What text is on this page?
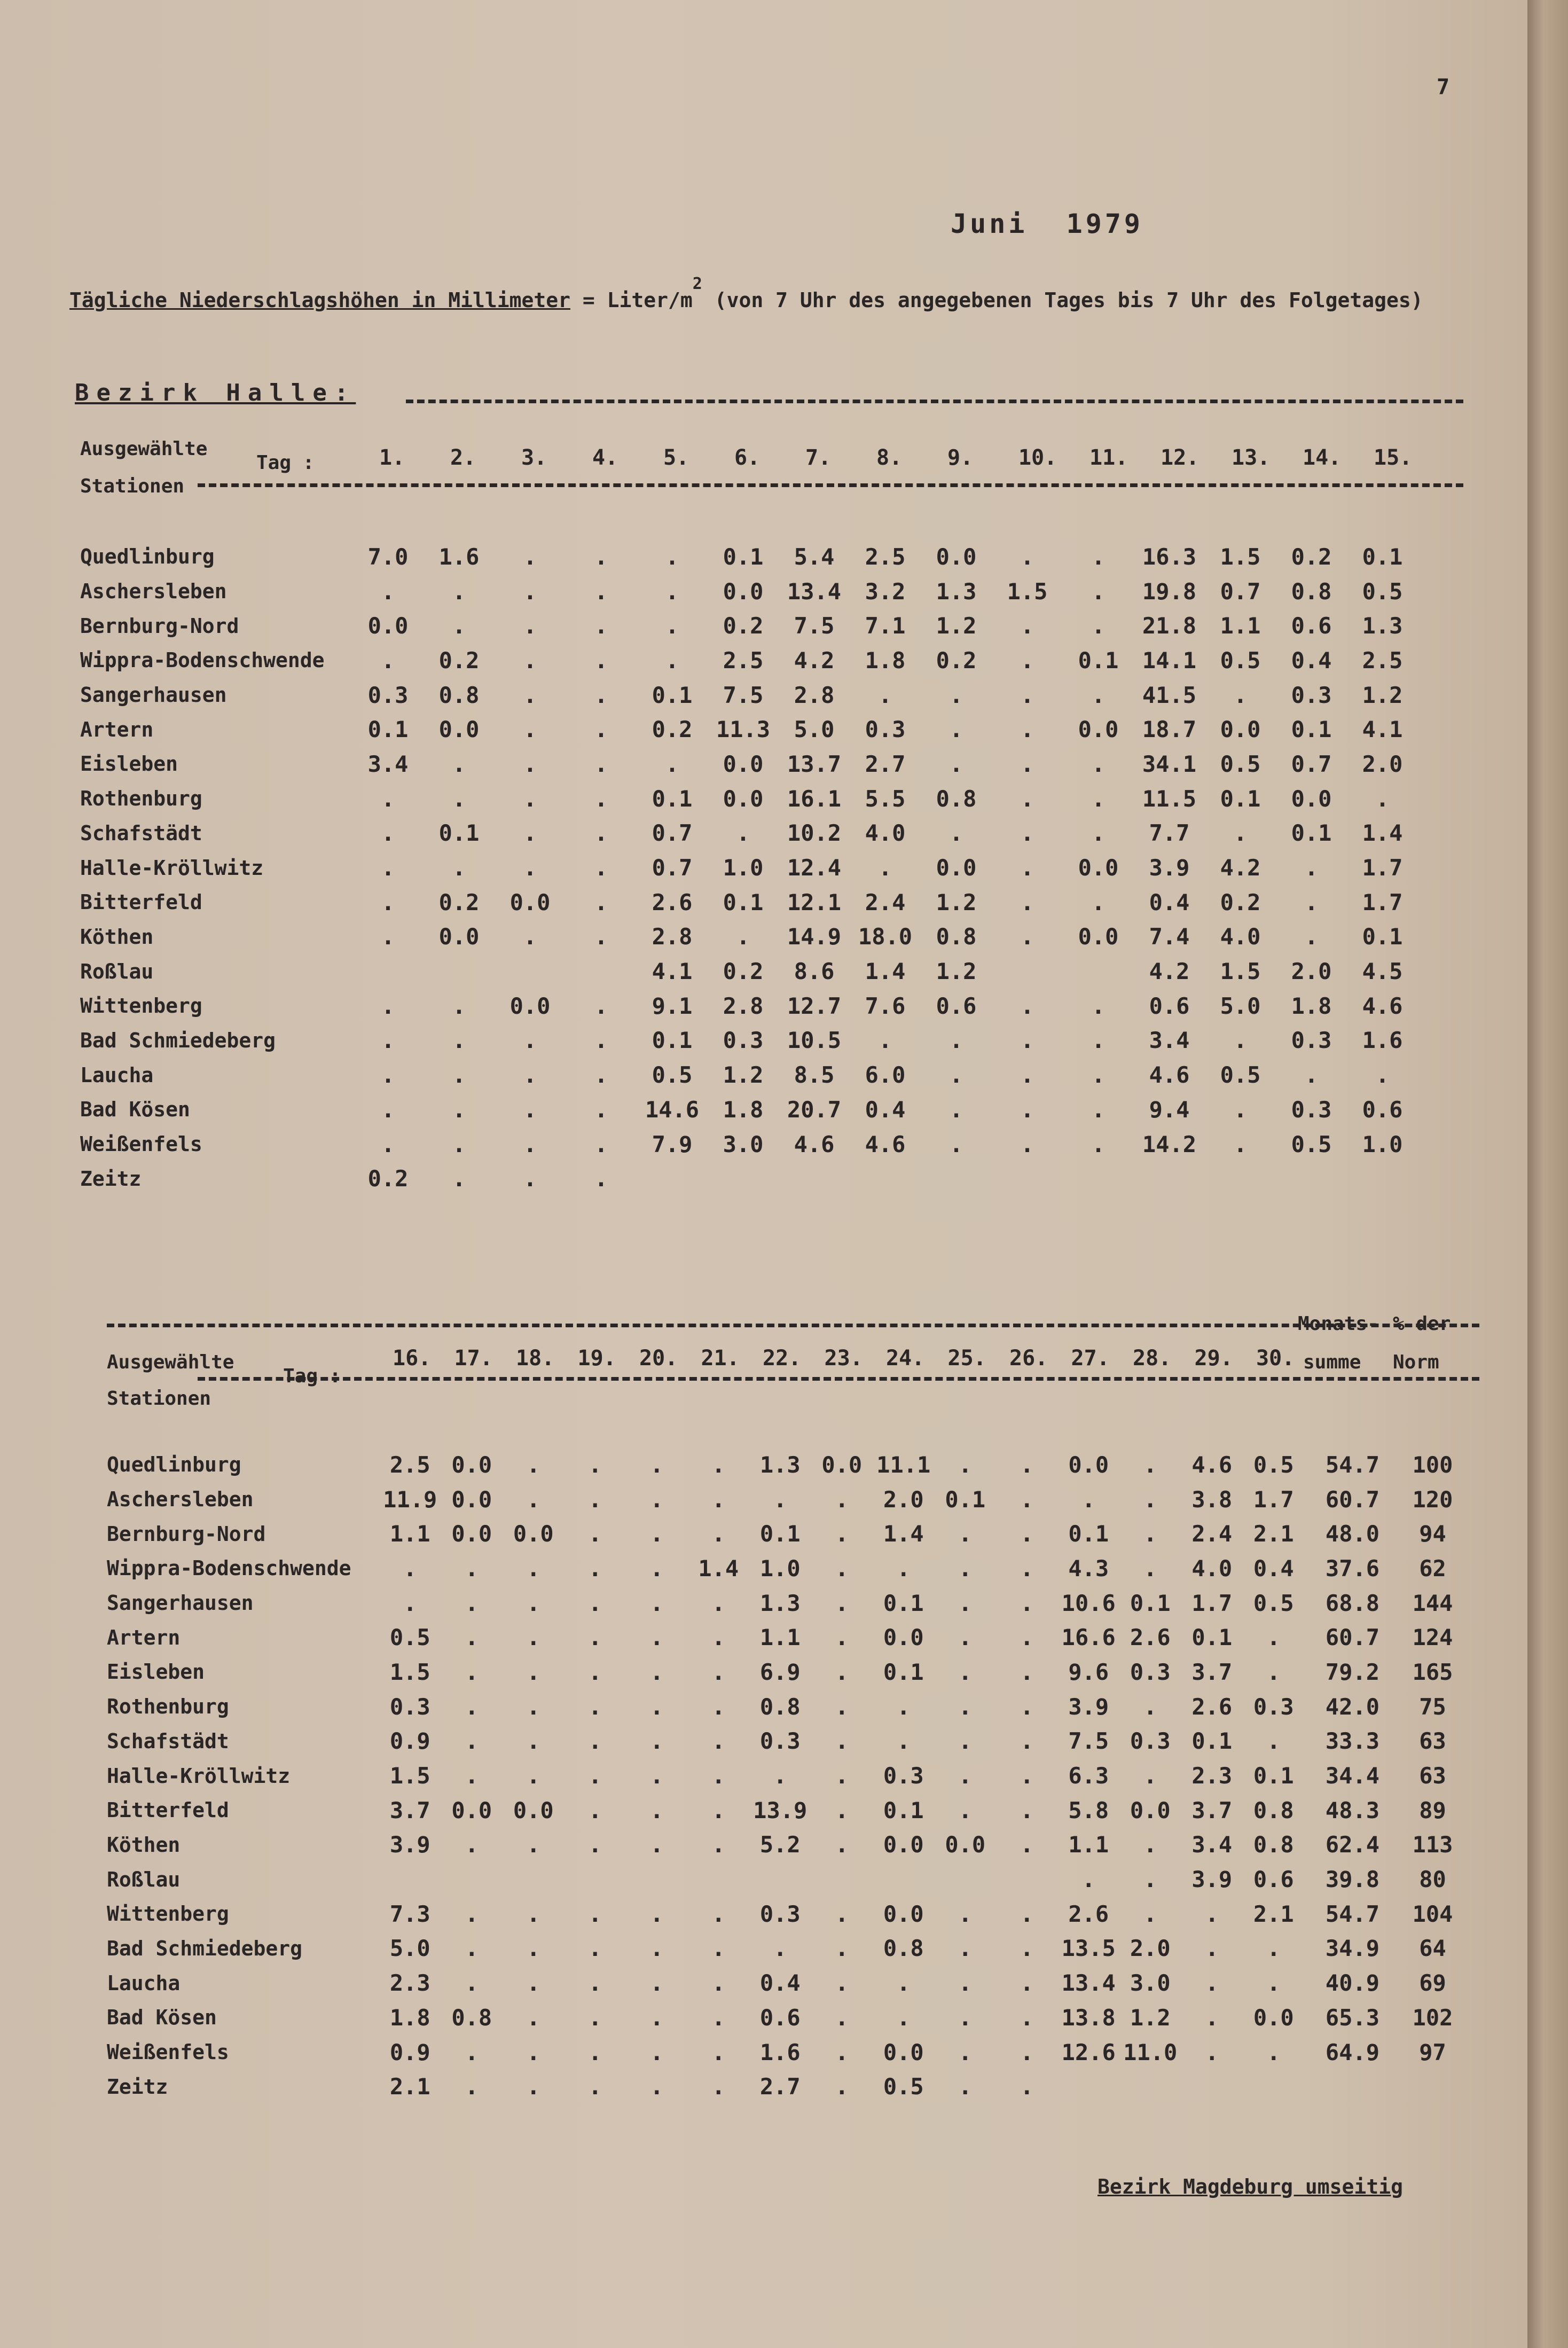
Juni  1979
7
Tägliche Niederschlagshöhen in Millimeter = Liter/$m^2$ (von 7 Uhr des angegebenen Tages bis 7 Uhr des Folgetages)
Bezirk Halle:
Ausgewählte
Stationen
Tag :	1. 2. 3. 4. 5. 6. 7. 8. 9. 10. 11. 12. 13. 14. 15.
Quedlinburg	7.0	1.6	.	.	.	0.1	5.4	2.5	0.0	.	.	16.3	1.5	0.2	0.1
Aschersleben	.	.	.	.	.	0.0	13.4	3.2	1.3	1.5	.	19.8	0.7	0.8	0.5
Bernburg-Nord	0.0	.	.	.	.	0.2	7.5	7.1	1.2	.	.	21.8	1.1	0.6	1.3
Wippra-Bodenschwende	.	0.2	.	.	.	2.5	4.2	1.8	0.2	.	0.1	14.1	0.5	0.4	2.5
Sangerhausen	0.3	0.8	.	.	0.1	7.5	2.8	.	.	.	.	41.5	.	0.3	1.2
Artern	0.1	0.0	.	.	0.2	11.3	5.0	0.3	.	.	0.0	18.7	0.0	0.1	4.1
Eisleben	3.4	.	.	.	.	0.0	13.7	2.7	.	.	.	34.1	0.5	0.7	2.0
Rothenburg	.	.	.	.	0.1	0.0	16.1	5.5	0.8	.	.	11.5	0.1	0.0	.
Schafstädt	.	0.1	.	.	0.7	.	10.2	4.0	.	.	.	7.7	.	0.1	1.4
Halle-Kröllwitz	.	.	.	.	0.7	1.0	12.4	.	0.0	.	0.0	3.9	4.2	.	1.7
Bitterfeld	.	0.2	0.0	.	2.6	0.1	12.1	2.4	1.2	.	.	0.4	0.2	.	1.7
Köthen	.	0.0	.	.	2.8	.	14.9	18.0	0.8	.	0.0	7.4	4.0	.	0.1
Roßlau					4.1	0.2	8.6	1.4	1.2			4.2	1.5	2.0	4.5
Wittenberg	.	.	0.0	.	9.1	2.8	12.7	7.6	0.6	.	.	0.6	5.0	1.8	4.6
Bad Schmiedeberg	.	.	.	.	0.1	0.3	10.5	.	.	.	.	3.4	.	0.3	1.6
Laucha	.	.	.	.	0.5	1.2	8.5	6.0	.	.	.	4.6	0.5	.	.
Bad Kösen	.	.	.	.	14.6	1.8	20.7	0.4	.	.	.	9.4	.	0.3	0.6
Weißenfels	.	.	.	.	7.9	3.0	4.6	4.6	.	.	.	14.2	.	0.5	1.0
Zeitz	0.2	.	.	.											
Ausgewählte
Stationen
Tag :
16. 17. 18. 19. 20. 21. 22. 23. 24. 25. 26. 27. 28. 29. 30.
Monats-
summe
% der
Norm
Quedlinburg	2.5	0.0	.	.	.	.	1.3	0.0	11.1	.	.	0.0	.	4.6	0.5	54.7	100
Aschersleben	11.9	0.0	.	.	.	.	.	.	2.0	0.1	.	.	.	3.8	1.7	60.7	120
Bernburg-Nord	1.1	0.0	0.0	.	.	.	0.1	.	1.4	.	.	0.1	.	2.4	2.1	48.0	94
Wippra-Bodenschwende	.	.	.	.	.	1.4	1.0	.	.	.	.	4.3	.	4.0	0.4	37.6	62
Sangerhausen	.	.	.	.	.	.	1.3	.	0.1	.	.	10.6	0.1	1.7	0.5	68.8	144
Artern	0.5	.	.	.	.	.	1.1	.	0.0	.	.	16.6	2.6	0.1	.	60.7	124
Eisleben	1.5	.	.	.	.	.	6.9	.	0.1	.	.	9.6	0.3	3.7	.	79.2	165
Rothenburg	0.3	.	.	.	.	.	0.8	.	.	.	.	3.9	.	2.6	0.3	42.0	75
Schafstädt	0.9	.	.	.	.	.	0.3	.	.	.	.	7.5	0.3	0.1	.	33.3	63
Halle-Kröllwitz	1.5	.	.	.	.	.	.	.	0.3	.	.	6.3	.	2.3	0.1	34.4	63
Bitterfeld	3.7	0.0	0.0	.	.	.	13.9	.	0.1	.	.	5.8	0.0	3.7	0.8	48.3	89
Köthen	3.9	.	.	.	.	.	5.2	.	0.0	0.0	.	1.1	.	3.4	0.8	62.4	113
Roßlau												.	.	3.9	0.6	39.8	80
Wittenberg	7.3	.	.	.	.	.	0.3	.	0.0	.	.	2.6	.	.	2.1	54.7	104
Bad Schmiedeberg	5.0	.	.	.	.	.	.	.	0.8	.	.	13.5	2.0	.	.	34.9	64
Laucha	2.3	.	.	.	.	.	0.4	.	.	.	.	13.4	3.0	.	.	40.9	69
Bad Kösen	1.8	0.8	.	.	.	.	0.6	.	.	.	.	13.8	1.2	.	0.0	65.3	102
Weißenfels	0.9	.	.	.	.	.	1.6	.	0.0	.	.	12.6	11.0	.	.	64.9	97
Zeitz	2.1	.	.	.	.	.	2.7	.	0.5	.	.						
Bezirk Magdeburg umseitig
